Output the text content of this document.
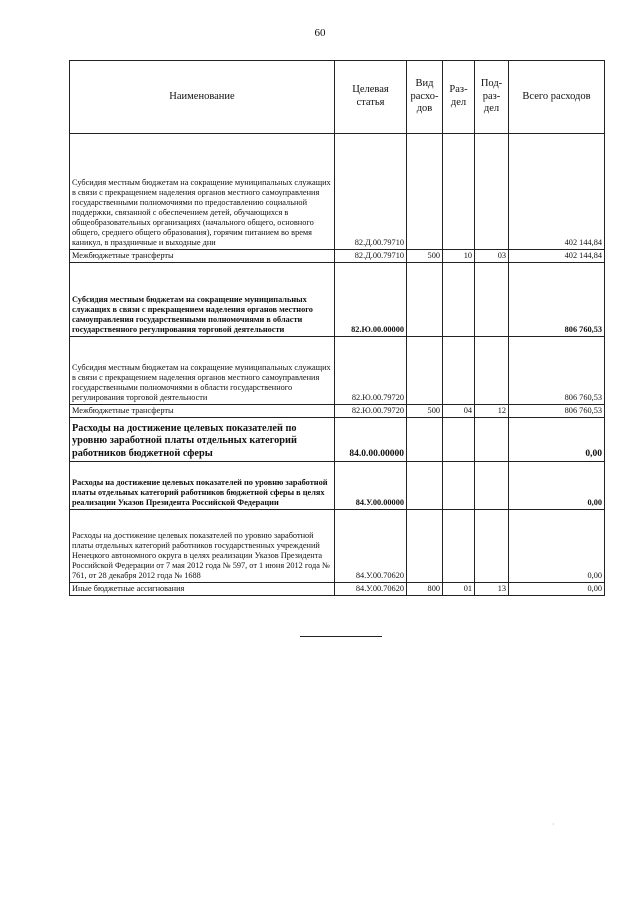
60
Наименование	Целевая статья	Вид расхо-дов	Раз-дел	Под-раз-дел	Всего расходов
Субсидия местным бюджетам на сокращение муниципальных служащих в связи с прекращением наделения органов местного самоуправления государственными полномочиями по предоставлению социальной поддержки, связанной с обеспечением детей, обучающихся в общеобразовательных организациях (начального общего, основного общего, среднего общего образования), горячим питанием во время каникул, в праздничные и выходные дни	82.Д.00.79710				402 144,84
Межбюджетные трансферты	82.Д.00.79710	500	10	03	402 144,84
Субсидия местным бюджетам на сокращение муниципальных служащих в связи с прекращением наделения органов местного самоуправления государственными полномочиями в области государственного регулирования торговой деятельности	82.Ю.00.00000				806 760,53
Субсидия местным бюджетам на сокращение муниципальных служащих в связи с прекращением наделения органов местного самоуправления государственными полномочиями в области государственного регулирования торговой деятельности	82.Ю.00.79720				806 760,53
Межбюджетные трансферты	82.Ю.00.79720	500	04	12	806 760,53
Расходы на достижение целевых показателей по уровню заработной платы отдельных категорий работников бюджетной сферы	84.0.00.00000				0,00
Расходы на достижение целевых показателей по уровню заработной платы отдельных категорий работников бюджетной сферы в целях реализации Указов Президента Российской Федерации	84.У.00.00000				0,00
Расходы на достижение целевых показателей по уровню заработной платы отдельных категорий работников государственных учреждений Ненецкого автономного округа в целях реализации Указов Президента Российской Федерации от 7 мая 2012 года № 597, от 1 июня 2012 года № 761, от 28 декабря 2012 года № 1688	84.У.00.70620				0,00
Иные бюджетные ассигнования	84.У.00.70620	800	01	13	0,00
·
